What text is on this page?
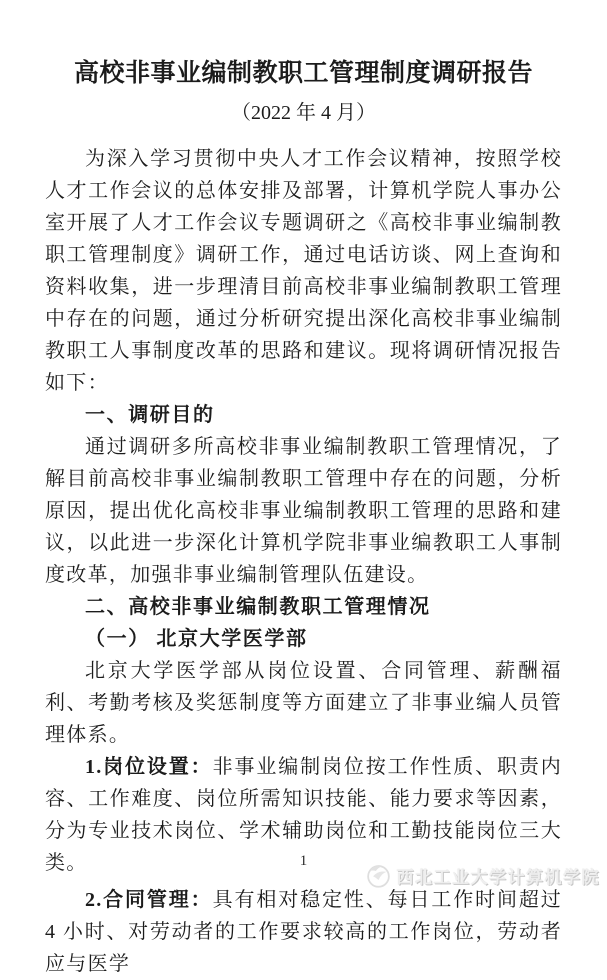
高校非事业编制教职工管理制度调研报告
（2022 年 4 月）

为深入学习贯彻中央人才工作会议精神，按照学校人才工作会议的总体安排及部署，计算机学院人事办公室开展了人才工作会议专题调研之《高校非事业编制教职工管理制度》调研工作，通过电话访谈、网上查询和资料收集，进一步理清目前高校非事业编制教职工管理中存在的问题，通过分析研究提出深化高校非事业编制教职工人事制度改革的思路和建议。现将调研情况报告如下：

一、调研目的

通过调研多所高校非事业编制教职工管理情况，了解目前高校非事业编制教职工管理中存在的问题，分析原因，提出优化高校非事业编制教职工管理的思路和建议，以此进一步深化计算机学院非事业编教职工人事制度改革，加强非事业编制管理队伍建设。

二、高校非事业编制教职工管理情况

（一） 北京大学医学部

北京大学医学部从岗位设置、合同管理、薪酬福利、考勤考核及奖惩制度等方面建立了非事业编人员管理体系。

1.岗位设置：非事业编制岗位按工作性质、职责内容、工作难度、岗位所需知识技能、能力要求等因素，分为专业技术岗位、学术辅助岗位和工勤技能岗位三大类。

2.合同管理：具有相对稳定性、每日工作时间超过 4 小时、对劳动者的工作要求较高的工作岗位，劳动者应与医学

1
西北工业大学计算机学院
